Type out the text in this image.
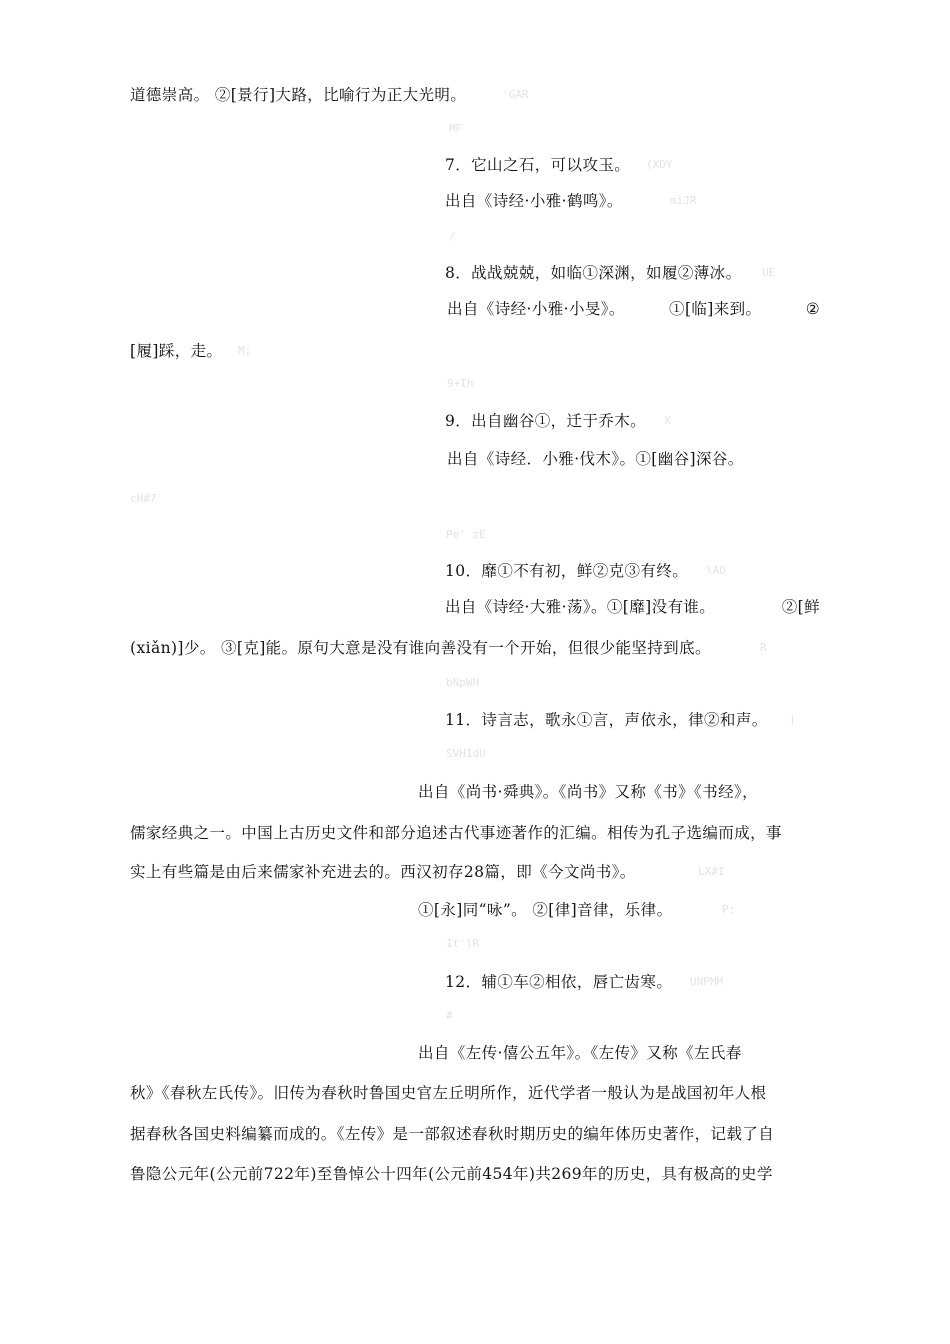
道德崇高。 ②[景行]大路，比喻行为正大光明。	'GAR
MF
7．它山之石，可以攻玉。 (XDY
出自《诗经·小雅·鹤鸣》。	miJR
/
8．战战兢兢，如临①深渊，如履②薄冰。 UE
出自《诗经·小雅·小旻》。	①[临]来到。	②
[履]踩，走。 M;
9+Ih
9．出自幽谷①，迁于乔木。 X
出自《诗经．小雅·伐木》。①[幽谷]深谷。
cH#7
Pe' zE
10．靡①不有初，鲜②克③有终。 lAO
出自《诗经·大雅·荡》。①[靡]没有谁。	②[鲜
(xiǎn)]少。 ③[克]能。原句大意是没有谁向善没有一个开始，但很少能坚持到底。	R
bNpWH
11．诗言志，歌永①言，声依永，律②和声。 ]
SVH1dU
出自《尚书·舜典》。《尚书》又称《书》《书经》，
儒家经典之一。中国上古历史文件和部分追述古代事迹著作的汇编。相传为孔子选编而成，事
实上有些篇是由后来儒家补充进去的。西汉初存28篇，即《今文尚书》。	LX#I
①[永]同“咏”。 ②[律]音律，乐律。	P:
It'lR
12．辅①车②相依，唇亡齿寒。 UNPMM
#
出自《左传·僖公五年》。《左传》又称《左氏春
秋》《春秋左氏传》。旧传为春秋时鲁国史官左丘明所作，近代学者一般认为是战国初年人根
据春秋各国史料编纂而成的。《左传》是一部叙述春秋时期历史的编年体历史著作，记载了自
鲁隐公元年(公元前722年)至鲁悼公十四年(公元前454年)共269年的历史，具有极高的史学
